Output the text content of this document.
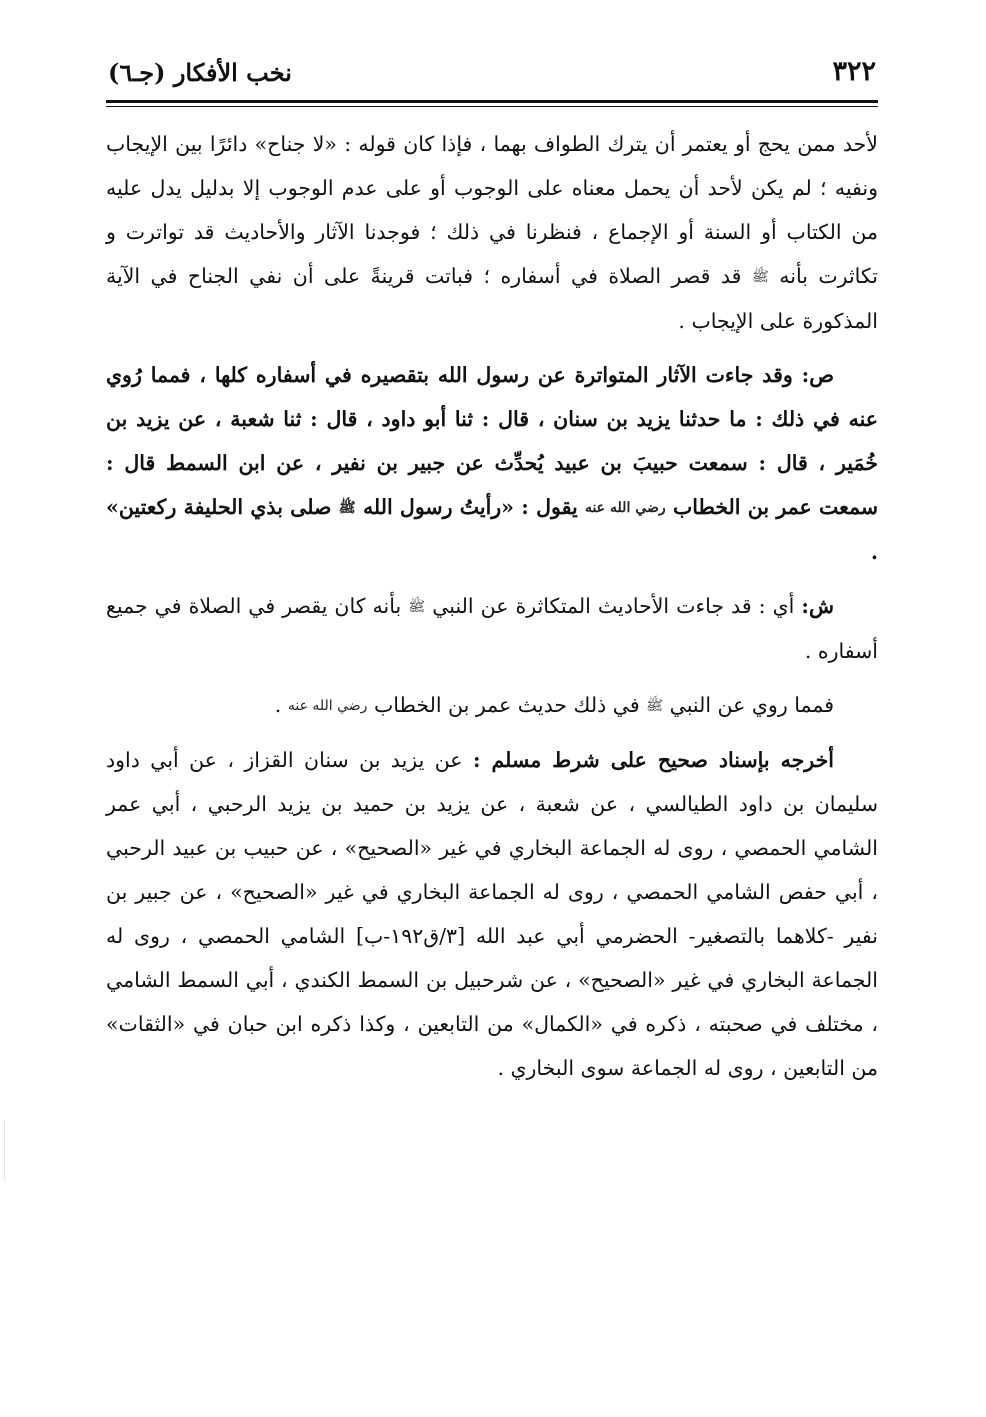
٣٢٢
نخب الأفكار (جـ٦)

لأحد ممن يحج أو يعتمر أن يترك الطواف بهما ، فإذا كان قوله : «لا جناح» دائرًا بين الإيجاب ونفيه ؛ لم يكن لأحد أن يحمل معناه على الوجوب أو على عدم الوجوب إلا بدليل يدل عليه من الكتاب أو السنة أو الإجماع ، فنظرنا في ذلك ؛ فوجدنا الآثار والأحاديث قد تواترت و تكاثرت بأنه ﷺ قد قصر الصلاة في أسفاره ؛ فباتت قرينةً على أن نفي الجناح في الآية المذكورة على الإيجاب .

ص: وقد جاءت الآثار المتواترة عن رسول الله بتقصيره في أسفاره كلها ، فمما رُوي عنه في ذلك : ما حدثنا يزيد بن سنان ، قال : ثنا أبو داود ، قال : ثنا شعبة ، عن يزيد بن خُمَير ، قال : سمعت حبيبَ بن عبيد يُحدِّث عن جبير بن نفير ، عن ابن السمط قال : سمعت عمر بن الخطاب رضي الله عنه يقول : «رأيتُ رسول الله ﷺ صلى بذي الحليفة ركعتين» .

ش: أي : قد جاءت الأحاديث المتكاثرة عن النبي ﷺ بأنه كان يقصر في الصلاة في جميع أسفاره .

فمما روي عن النبي ﷺ في ذلك حديث عمر بن الخطاب رضي الله عنه .

أخرجه بإسناد صحيح على شرط مسلم : عن يزيد بن سنان القزاز ، عن أبي داود سليمان بن داود الطيالسي ، عن شعبة ، عن يزيد بن حميد بن يزيد الرحبي ، أبي عمر الشامي الحمصي ، روى له الجماعة البخاري في غير «الصحيح» ، عن حبيب بن عبيد الرحبي ، أبي حفص الشامي الحمصي ، روى له الجماعة البخاري في غير «الصحيح» ، عن جبير بن نفير -كلاهما بالتصغير- الحضرمي أبي عبد الله [٣/ق١٩٢-ب] الشامي الحمصي ، روى له الجماعة البخاري في غير «الصحيح» ، عن شرحبيل بن السمط الكندي ، أبي السمط الشامي ، مختلف في صحبته ، ذكره في «الكمال» من التابعين ، وكذا ذكره ابن حبان في «الثقات» من التابعين ، روى له الجماعة سوى البخاري .
